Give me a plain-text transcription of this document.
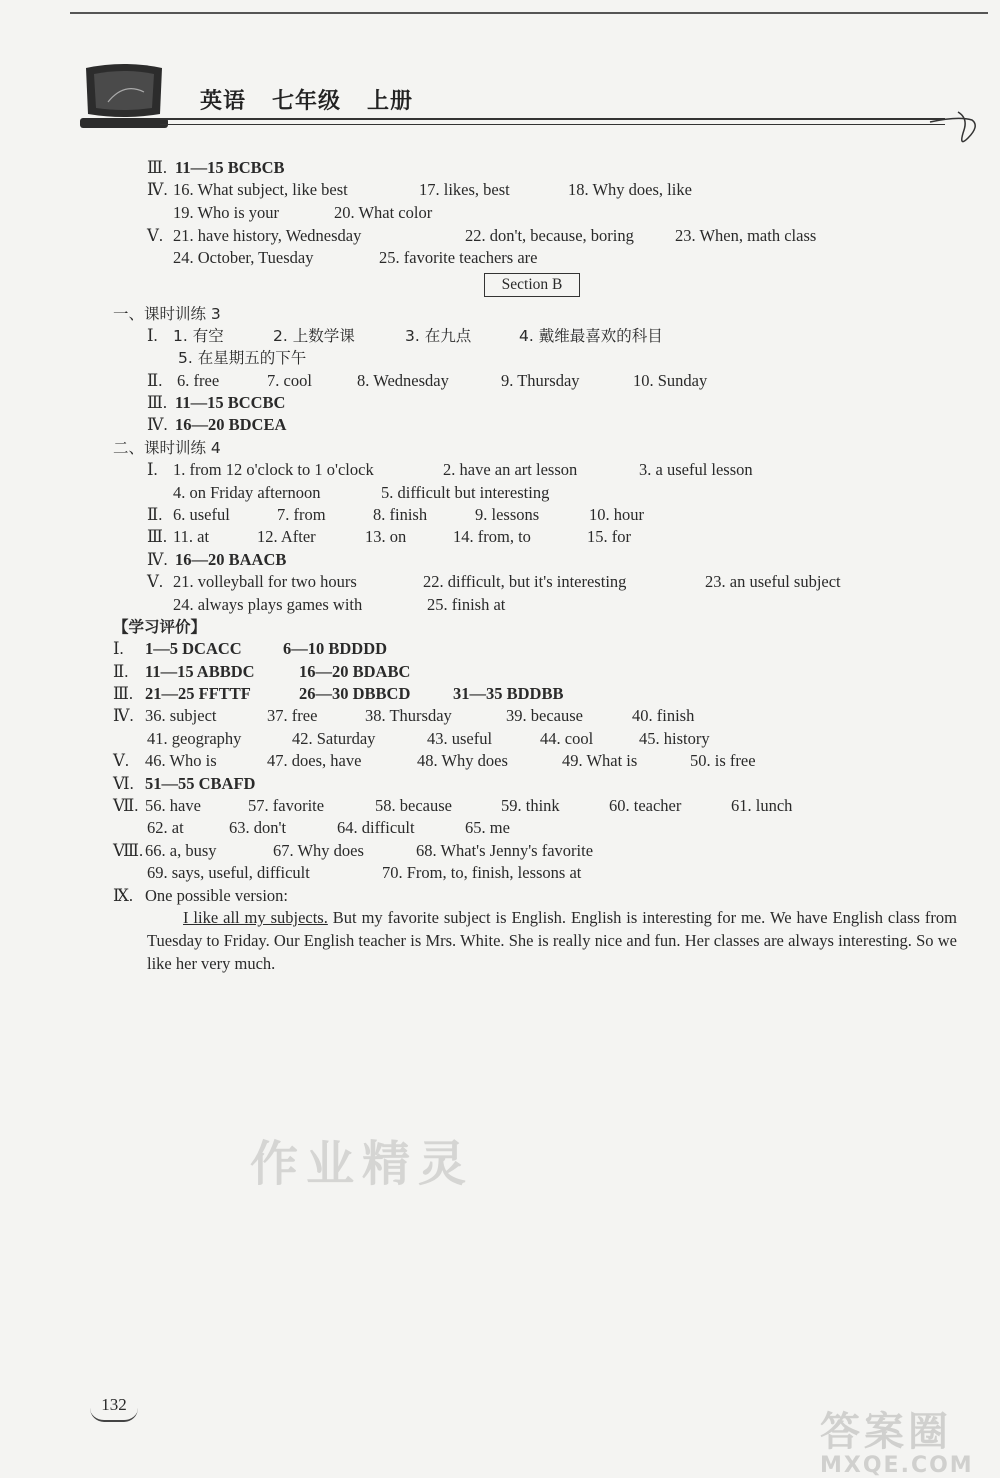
英语 七年级 上册
Ⅲ. 11—15 BCBCB
Ⅳ. 16. What subject, like best	17. likes, best	18. Why does, like
19. Who is your	20. What color
Ⅴ. 21. have history, Wednesday	22. don't, because, boring 23. When, math class
24. October, Tuesday	25. favorite teachers are
Section B
一、课时训练 3
Ⅰ. 1. 有空	2. 上数学课	3. 在九点	4. 戴维最喜欢的科目
5. 在星期五的下午
Ⅱ. 6. free	7. cool	8. Wednesday	9. Thursday	10. Sunday
Ⅲ. 11—15 BCCBC
Ⅳ. 16—20 BDCEA
二、课时训练 4
Ⅰ. 1. from 12 o'clock to 1 o'clock	2. have an art lesson	3. a useful lesson
4. on Friday afternoon	5. difficult but interesting
Ⅱ. 6. useful	7. from	8. finish	9. lessons	10. hour
Ⅲ. 11. at	12. After	13. on	14. from, to	15. for
Ⅳ. 16—20 BAACB
Ⅴ. 21. volleyball for two hours	22. difficult, but it's interesting	23. an useful subject
24. always plays games with	25. finish at
【学习评价】
Ⅰ. 1—5 DCACC	6—10 BDDDD
Ⅱ. 11—15 ABBDC	16—20 BDABC
Ⅲ. 21—25 FFTTF	26—30 DBBCD	31—35 BDDBB
Ⅳ. 36. subject	37. free	38. Thursday	39. because	40. finish
41. geography	42. Saturday	43. useful	44. cool	45. history
Ⅴ. 46. Who is	47. does, have	48. Why does	49. What is	50. is free
Ⅵ. 51—55 CBAFD
Ⅶ. 56. have	57. favorite	58. because	59. think	60. teacher	61. lunch
62. at	63. don't	64. difficult	65. me
Ⅷ. 66. a, busy	67. Why does	68. What's Jenny's favorite
69. says, useful, difficult	70. From, to, finish, lessons at
Ⅸ. One possible version:
I like all my subjects. But my favorite subject is English. English is interesting for me. We have English class from Tuesday to Friday. Our English teacher is Mrs. White. She is really nice and fun. Her classes are always interesting. So we like her very much.
作业精灵
132
答案圈
MXQE.COM
